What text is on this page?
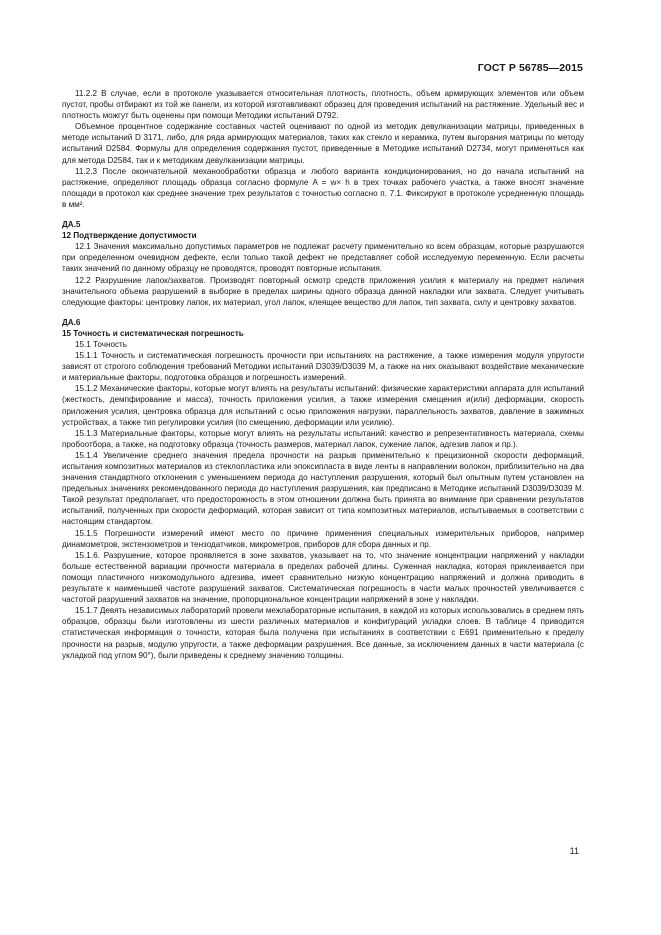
ГОСТ Р 56785—2015

11.2.2 В случае, если в протоколе указывается относительная плотность, плотность, объем армирующих элементов или объем пустот, пробы отбирают из той же панели, из которой изготавливают образец для проведения испытаний на растяжение. Удельный вес и плотность можгут быть оценены при помощи Методики испытаний D792.

Объемное процентное содержание составных частей оценивают по одной из методик девулканизации матрицы, приведенных в методе испытаний D 3171, либо, для ряда армирующих материалов, таких как стекло и керамика, путем выгорания матрицы по методу испытаний D2584. Формулы для определения содержания пустот, приведенные в Методике испытаний D2734, могут применяться как для метода D2584, так и к методикам девулканизации матрицы.

11.2.3 После окончательной механообработки образца и любого варианта кондиционирования, но до начала испытаний на растяжение, определяют площадь образца согласно формуле A = w× h в трех точках рабочего участка, а также вносят значение площади в протокол как среднее значение трех результатов с точностью согласно п. 7.1. Фиксируют в протоколе усредненную площадь в мм².

ДА.5

12 Подтверждение допустимости

12.1 Значения максимально допустимых параметров не подлежат расчету применительно ко всем образцам, которые разрушаются при определенном очевидном дефекте, если только такой дефект не представляет собой исследуемую переменную. Если расчеты таких значений по данному образцу не проводятся, проводят повторные испытания.

12.2 Разрушение лапок/захватов. Производят повторный осмотр средств приложения усилия к материалу на предмет наличия значительного объема разрушений в выборке в пределах ширины одного образца данной накладки или захвата. Следует учитывать следующие факторы: центровку лапок, их материал, угол лапок, клеящее вещество для лапок, тип захвата, силу и центровку захватов.

ДА.6

15 Точность и систематическая погрешность

15.1 Точность

15.1.1 Точность и систематическая погрешность прочности при испытаниях на растяжение, а также измерения модуля упругости зависят от строгого соблюдения требований Методики испытаний D3039/D3039 M, а также на них оказывают воздействие механические и материальные факторы, подготовка образцов и погрешность измерений.

15.1.2 Механические факторы, которые могут влиять на результаты испытаний: физические характеристики аппарата для испытаний (жесткость, демпфирование и масса), точность приложения усилия, а также измерения смещения и(или) деформации, скорость приложения усилия, центровка образца для испытаний с осью приложения нагрузки, параллельность захватов, давление в зажимных устройствах, а также тип регулировки усилия (по смещению, деформации или усилию).

15.1.3 Материальные факторы, которые могут влиять на результаты испытаний: качество и репрезентативность материала, схемы пробоотбора, а также, на подготовку образца (точность размеров, материал лапок, сужение лапок, адгезив лапок и пр.).

15.1.4 Увеличение среднего значения предела прочности на разрыв применительно к прецизионной скорости деформаций, испытания композитных материалов из стеклопластика или эпоксипласта в виде ленты в направлении волокон, приблизительно на два значения стандартного отклонения с уменьшением периода до наступления разрушения, который был опытным путем установлен на предельных значениях рекомендованного периода до наступления разрушения, как предписано в Методике испытаний D3039/D3039 M. Такой результат предполагает, что предосторожность в этом отношении должна быть принята во внимание при сравнении результатов испытаний, полученных при скорости деформаций, которая зависит от типа композитных материалов, испытываемых в соответствии с настоящим стандартом.

15.1.5 Погрешности измерений имеют место по причине применения специальных измерительных приборов, например динамометров, экстензометров и тензодатчиков, микрометров, приборов для сбора данных и пр.

15.1.6. Разрушение, которое проявляется в зоне захватов, указывает на то, что значение концентрации напряжений у накладки больше естественной вариации прочности материала в пределах рабочей длины. Суженная накладка, которая приклеивается при помощи пластичного низкомодульного адгезива, имеет сравнительно низкую концентрацию напряжений и должна приводить в результате к наименьшей частоте разрушений захватов. Систематическая погрешность в части малых прочностей увеличивается с частотой разрушений захватов на значение, пропорциональное концентрации напряжений в зоне у накладки.

15.1.7 Девять независимых лабораторий провели межлабораторные испытания, в каждой из которых использовались в среднем пять образцов, образцы были изготовлены из шести различных материалов и конфигураций укладки слоев. В таблице 4 приводится статистическая информация о точности, которая была получена при испытаниях в соответствии с Е691 применительно к пределу прочности на разрыв, модулю упругости, а также деформации разрушения. Все данные, за исключением данных в части материала (с укладкой под углом 90°), были приведены к среднему значению толщины.

11
